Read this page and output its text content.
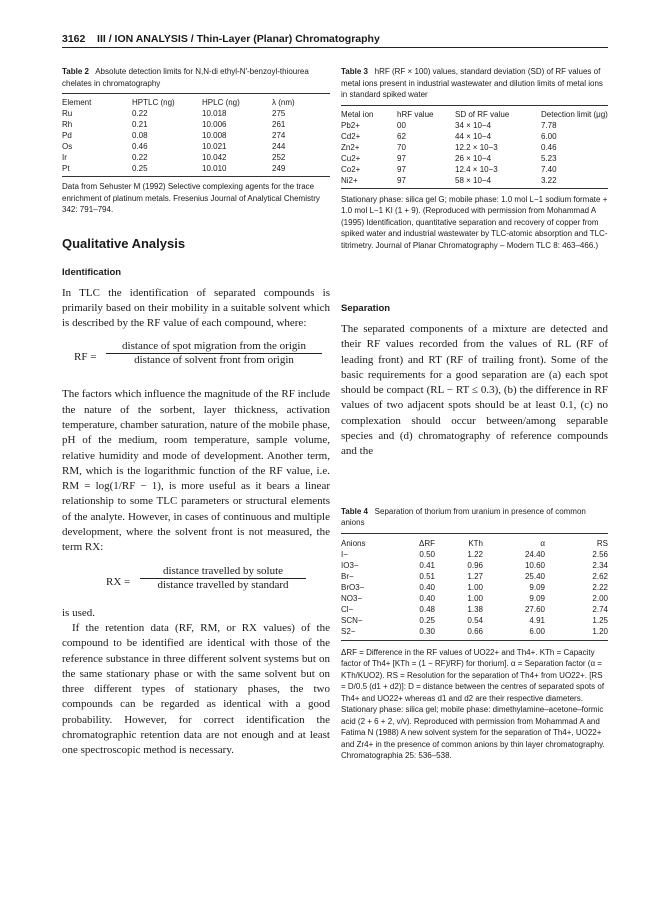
3162 III / ION ANALYSIS / Thin-Layer (Planar) Chromatography

Table 2 Absolute detection limits for N,N-di ethyl-N′-benzoyl-thiourea chelates in chromatography

Element	HPTLC (ng)	HPLC (ng)	λ (nm)
Ru	0.22	10.018	275
Rh	0.21	10.006	261
Pd	0.08	10.008	274
Os	0.46	10.021	244
Ir	0.22	10.042	252
Pt	0.25	10.010	249

Data from Sehuster M (1992) Selective complexing agents for the trace enrichment of platinum metals. Fresenius Journal of Analytical Chemistry 342: 791–794.

Qualitative Analysis

Identification

In TLC the identification of separated compounds is primarily based on their mobility in a suitable solvent which is described by the RF value of each compound, where:

RF =
distance of spot migration from the origin
distance of solvent front from origin

The factors which influence the magnitude of the RF include the nature of the sorbent, layer thickness, activation temperature, chamber saturation, nature of the mobile phase, pH of the medium, room temperature, sample volume, relative humidity and mode of development. Another term, RM, which is the logarithmic function of the RF value, i.e. RM = log(1/RF − 1), is more useful as it bears a linear relationship to some TLC parameters or structural elements of the analyte. However, in cases of continuous and multiple development, where the solvent front is not measured, the term RX:

RX =
distance travelled by solute
distance travelled by standard

is used.

If the retention data (RF, RM, or RX values) of the compound to be identified are identical with those of the reference substance in three different solvent systems but on the same stationary phase or with the same solvent but on three different types of stationary phases, the two compounds can be regarded as identical with a good probability. However, for correct identification the chromatographic retention data are not enough and at least one spectroscopic method is necessary.

Table 3 hRF (RF × 100) values, standard deviation (SD) of RF values of metal ions present in industrial wastewater and dilution limits of metal ions in standard spiked water

Metal ion	hRF value	SD of RF value	Detection limit (μg)
Pb2+	00	34 × 10−4	7.78
Cd2+	62	44 × 10−4	6.00
Zn2+	70	12.2 × 10−3	0.46
Cu2+	97	26 × 10−4	5.23
Co2+	97	12.4 × 10−3	7.40
Ni2+	97	58 × 10−4	3.22

Stationary phase: silica gel G; mobile phase: 1.0 mol L−1 sodium formate + 1.0 mol L−1 KI (1 + 9). (Reproduced with permission from Mohammad A (1995) Identification, quantitative separation and recovery of copper from spiked water and industrial wastewater by TLC-atomic absorption and TLC-titrimetry. Journal of Planar Chromatography – Modern TLC 8: 463–466.)

Separation

The separated components of a mixture are detected and their RF values recorded from the values of RL (RF of leading front) and RT (RF of trailing front). Some of the basic requirements for a good separation are (a) each spot should be compact (RL − RT ≤ 0.3), (b) the difference in RF values of two adjacent spots should be at least 0.1, (c) no complexation should occur between/among separable species and (d) chromatography of reference compounds and the

Table 4 Separation of thorium from uranium in presence of common anions

Anions	ΔRF	KTh	α	RS
I−	0.50	1.22	24.40	2.56
IO3−	0.41	0.96	10.60	2.34
Br−	0.51	1.27	25.40	2.62
BrO3−	0.40	1.00	9.09	2.22
NO3−	0.40	1.00	9.09	2.00
Cl−	0.48	1.38	27.60	2.74
SCN−	0.25	0.54	4.91	1.25
S2−	0.30	0.66	6.00	1.20

ΔRF = Difference in the RF values of UO22+ and Th4+. KTh = Capacity factor of Th4+ [KTh = (1 − RF)/RF) for thorium]. α = Separation factor (α = KTh/KUO2). RS = Resolution for the separation of Th4+ from UO22+. [RS = D/0.5 (d1 + d2)]: D = distance between the centres of separated spots of Th4+ and UO22+ whereas d1 and d2 are their respective diameters. Stationary phase: silica gel; mobile phase: dimethylamine–acetone–formic acid (2 + 6 + 2, v/v). Reproduced with permission from Mohammad A and Fatima N (1988) A new solvent system for the separation of Th4+, UO22+ and Zr4+ in the presence of common anions by thin layer chromatography. Chromatographia 25: 536–538.
